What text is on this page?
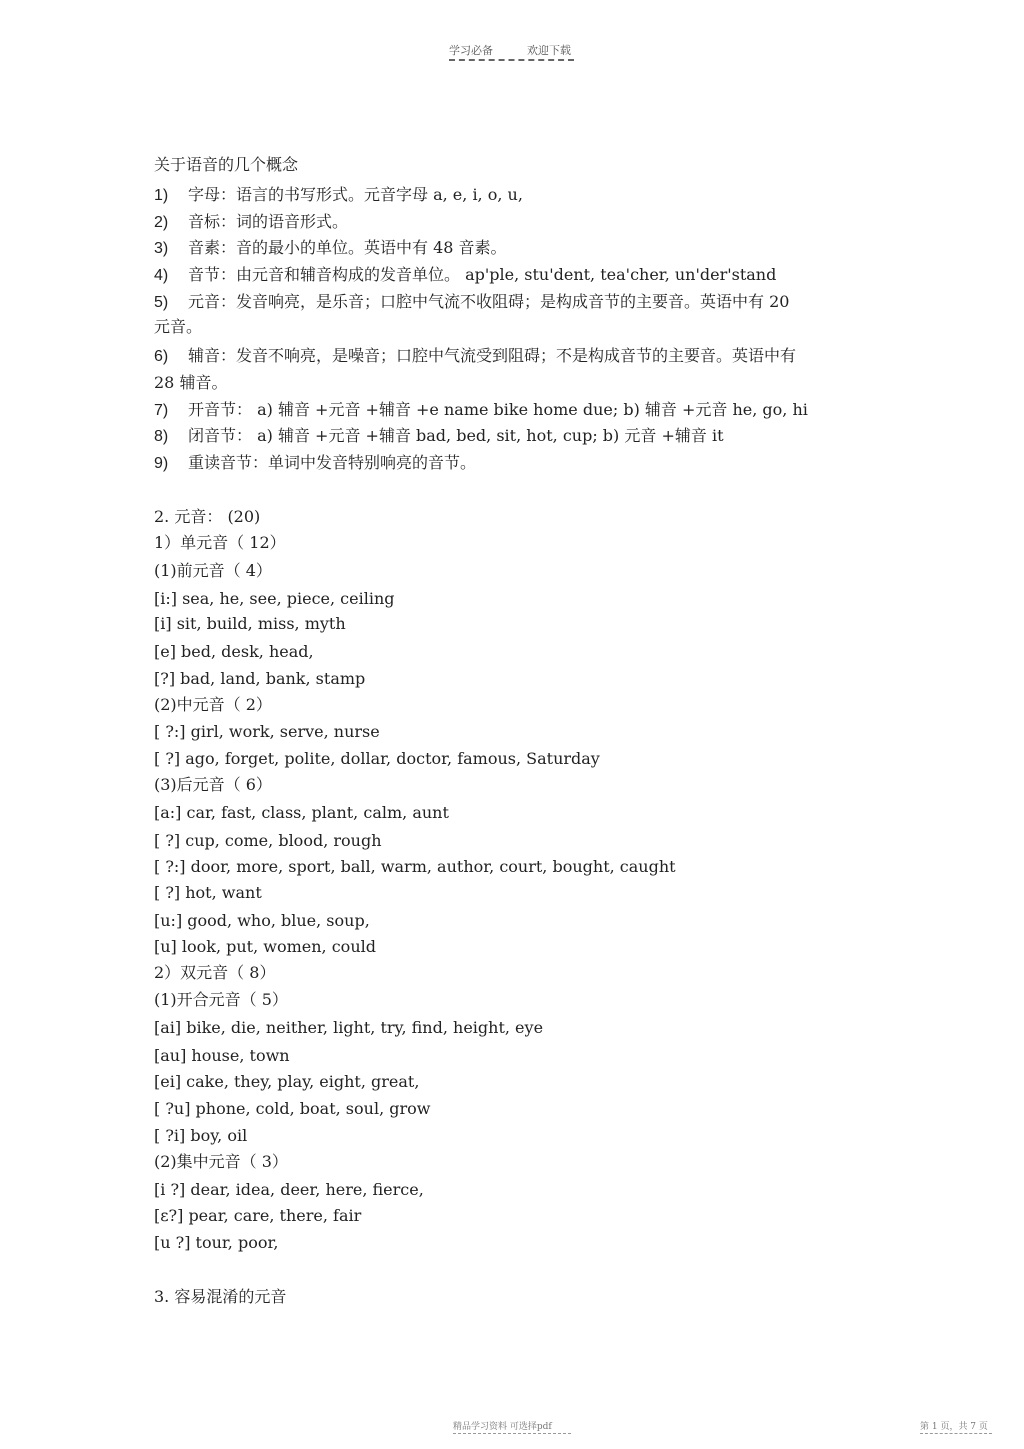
学习必备	欢迎下载
关于语音的几个概念
1) 字母：语言的书写形式。元音字母 a, e, i, o, u,
2) 音标：词的语音形式。
3) 音素：音的最小的单位。英语中有 48 音素。
4) 音节：由元音和辅音构成的发音单位。 ap'ple, stu'dent, tea'cher, un'der'stand
5) 元音：发音响亮，是乐音；口腔中气流不收阻碍；是构成音节的主要音。英语中有 20
元音。
6) 辅音：发音不响亮，是噪音；口腔中气流受到阻碍；不是构成音节的主要音。英语中有
28 辅音。
7) 开音节： a) 辅音 +元音 +辅音 +e name bike home due; b) 辅音 +元音 he, go, hi
8) 闭音节： a) 辅音 +元音 +辅音 bad, bed, sit, hot, cup; b) 元音 +辅音 it
9) 重读音节：单词中发音特别响亮的音节。
2. 元音： (20)
1）单元音（ 12）
(1)前元音（ 4）
[i:] sea, he, see, piece, ceiling
[i] sit, build, miss, myth
[e] bed, desk, head,
[?] bad, land, bank, stamp
(2)中元音（ 2）
[ ?:] girl, work, serve, nurse
[ ?] ago, forget, polite, dollar, doctor, famous, Saturday
(3)后元音（ 6）
[a:] car, fast, class, plant, calm, aunt
[ ?] cup, come, blood, rough
[ ?:] door, more, sport, ball, warm, author, court, bought, caught
[ ?] hot, want
[u:] good, who, blue, soup,
[u] look, put, women, could
2）双元音（ 8）
(1)开合元音（ 5）
[ai] bike, die, neither, light, try, find, height, eye
[au] house, town
[ei] cake, they, play, eight, great,
[ ?u] phone, cold, boat, soul, grow
[ ?i] boy, oil
(2)集中元音（ 3）
[i ?] dear, idea, deer, here, fierce,
[ε?] pear, care, there, fair
[u ?] tour, poor,
3. 容易混淆的元音
精品学习资料 可选择pdf	第 1 页，共 7 页
